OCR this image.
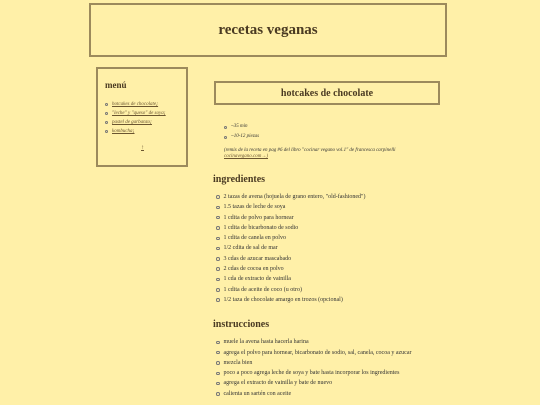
recetas veganas
menú
hotcakes de chocolate¡
"leche" y "queso" de soya¡
pastel de garbanzo¡
kombucha¡
↑
hotcakes de chocolate
~35 min
~10-12 piezas
(remix de la receta en pag #6 del libro "cocinar vegano vol.1" de francesca carpinelli
cocinavegano.com→)
ingredientes
2 tazas de avena (hojuela de grano entero, "old-fashioned")
1.5 tazas de leche de soya
1 cdita de polvo para hornear
1 cdita de bicarbonato de sodio
1 cdita de canela en polvo
1/2 cdita de sal de mar
3 cdas de azucar mascabado
2 cdas de cocoa en polvo
1 cda de extracto de vainilla
1 cdita de aceite de coco (u otro)
1/2 taza de chocolate amargo en trozos (opcional)
instrucciones
muele la avena hasta hacerla harina
agrega el polvo para hornear, bicarbonato de sodio, sal, canela, cocoa y azucar
mezcla bien
poco a poco agrega leche de soya y bate hasta incorporar los ingredientes
agrega el extracto de vainilla y bate de nuevo
calienta un sartén con aceite
